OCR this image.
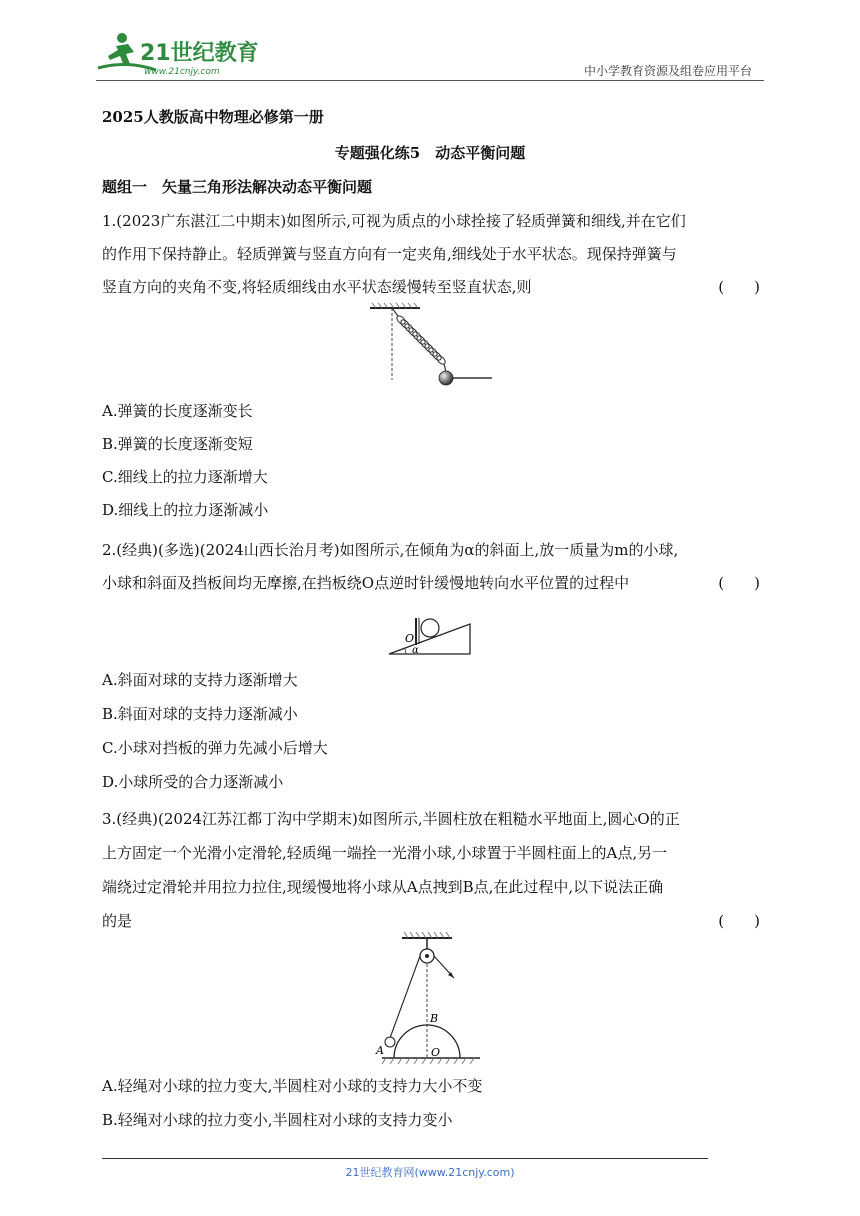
21世纪教育
www.21cnjy.com	中小学教育资源及组卷应用平台
2025人教版高中物理必修第一册
专题强化练5　动态平衡问题
题组一　矢量三角形法解决动态平衡问题
1.(2023广东湛江二中期末)如图所示,可视为质点的小球拴接了轻质弹簧和细线,并在它们
的作用下保持静止。轻质弹簧与竖直方向有一定夹角,细线处于水平状态。现保持弹簧与
竖直方向的夹角不变,将轻质细线由水平状态缓慢转至竖直状态,则	(　　)
A.弹簧的长度逐渐变长
B.弹簧的长度逐渐变短
C.细线上的拉力逐渐增大
D.细线上的拉力逐渐减小
2.(经典)(多选)(2024山西长治月考)如图所示,在倾角为α的斜面上,放一质量为m的小球,
小球和斜面及挡板间均无摩擦,在挡板绕O点逆时针缓慢地转向水平位置的过程中	(　　)
O
α
A.斜面对球的支持力逐渐增大
B.斜面对球的支持力逐渐减小
C.小球对挡板的弹力先减小后增大
D.小球所受的合力逐渐减小
3.(经典)(2024江苏江都丁沟中学期末)如图所示,半圆柱放在粗糙水平地面上,圆心O的正
上方固定一个光滑小定滑轮,轻质绳一端拴一光滑小球,小球置于半圆柱面上的A点,另一
端绕过定滑轮并用拉力拉住,现缓慢地将小球从A点拽到B点,在此过程中,以下说法正确
的是	(　　)
A
B
O
A.轻绳对小球的拉力变大,半圆柱对小球的支持力大小不变
B.轻绳对小球的拉力变小,半圆柱对小球的支持力变小
21世纪教育网(www.21cnjy.com)
